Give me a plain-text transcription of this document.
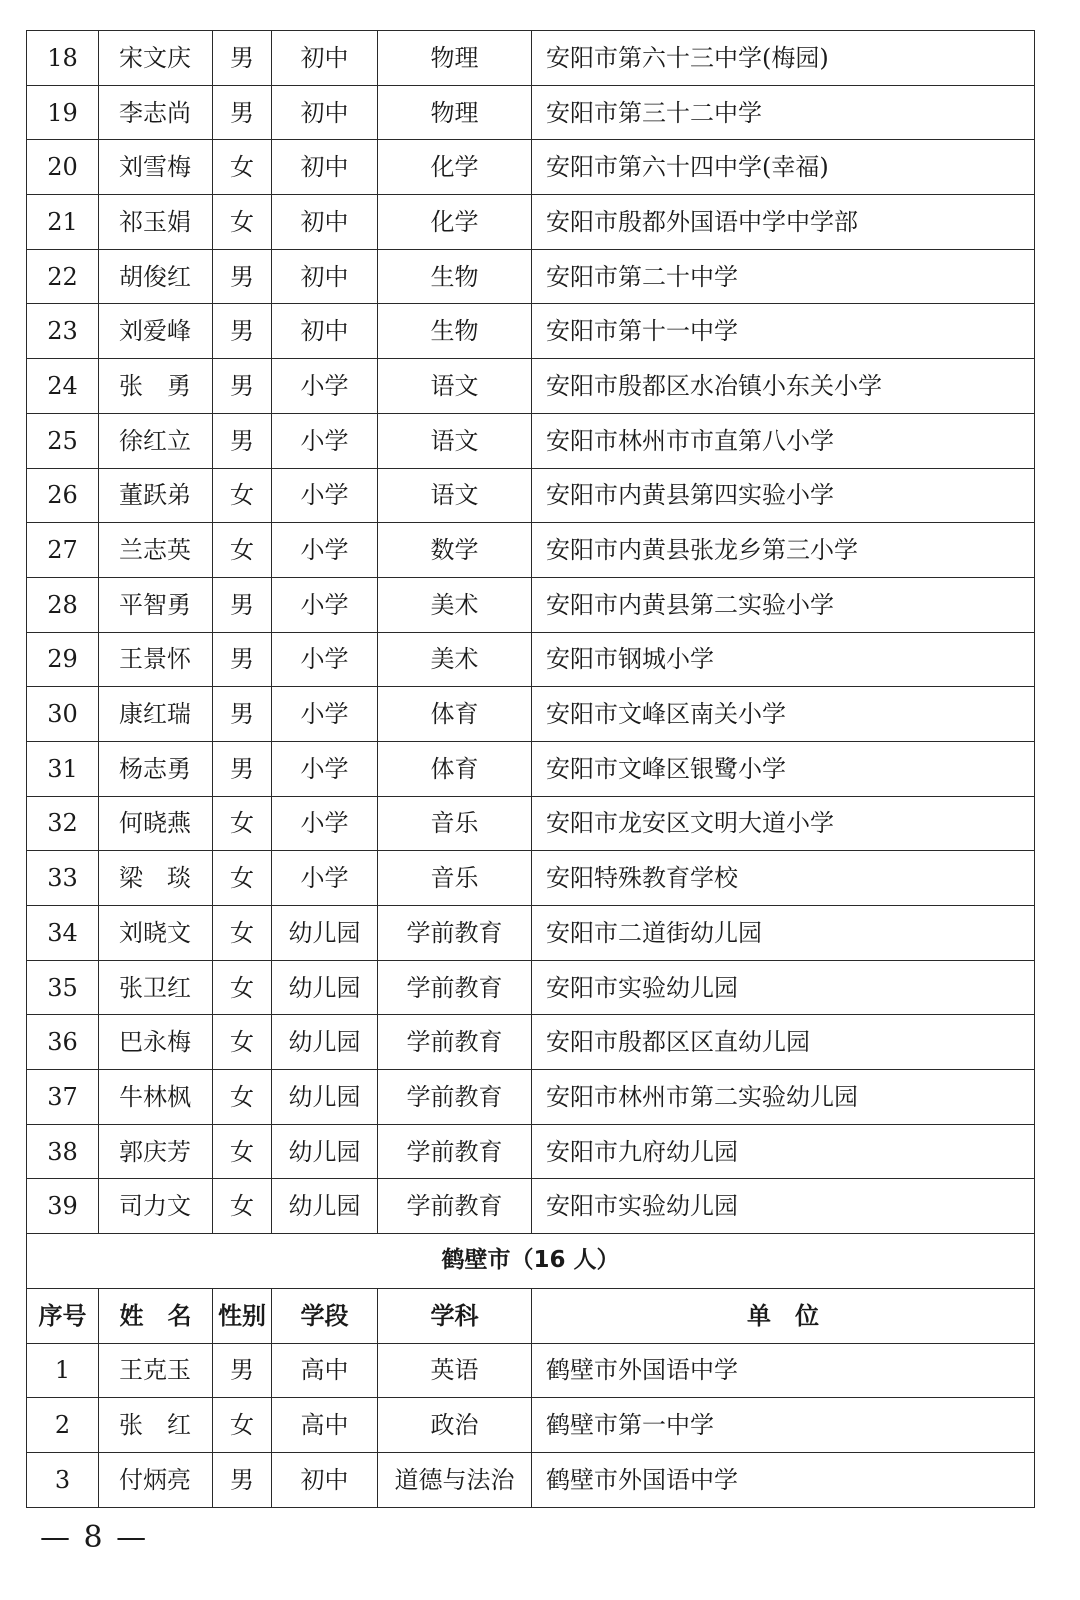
18	宋文庆	男	初中	物理	安阳市第六十三中学(梅园)
19	李志尚	男	初中	物理	安阳市第三十二中学
20	刘雪梅	女	初中	化学	安阳市第六十四中学(幸福)
21	祁玉娟	女	初中	化学	安阳市殷都外国语中学中学部
22	胡俊红	男	初中	生物	安阳市第二十中学
23	刘爱峰	男	初中	生物	安阳市第十一中学
24	张　勇	男	小学	语文	安阳市殷都区水冶镇小东关小学
25	徐红立	男	小学	语文	安阳市林州市市直第八小学
26	董跃弟	女	小学	语文	安阳市内黄县第四实验小学
27	兰志英	女	小学	数学	安阳市内黄县张龙乡第三小学
28	平智勇	男	小学	美术	安阳市内黄县第二实验小学
29	王景怀	男	小学	美术	安阳市钢城小学
30	康红瑞	男	小学	体育	安阳市文峰区南关小学
31	杨志勇	男	小学	体育	安阳市文峰区银鹭小学
32	何晓燕	女	小学	音乐	安阳市龙安区文明大道小学
33	梁　琰	女	小学	音乐	安阳特殊教育学校
34	刘晓文	女	幼儿园	学前教育	安阳市二道街幼儿园
35	张卫红	女	幼儿园	学前教育	安阳市实验幼儿园
36	巴永梅	女	幼儿园	学前教育	安阳市殷都区区直幼儿园
37	牛林枫	女	幼儿园	学前教育	安阳市林州市第二实验幼儿园
38	郭庆芳	女	幼儿园	学前教育	安阳市九府幼儿园
39	司力文	女	幼儿园	学前教育	安阳市实验幼儿园
鹤壁市（16 人）					
序号	姓　名	性别	学段	学科	单　位
1	王克玉	男	高中	英语	鹤壁市外国语中学
2	张　红	女	高中	政治	鹤壁市第一中学
3	付炳亮	男	初中	道德与法治	鹤壁市外国语中学
— 8 —
